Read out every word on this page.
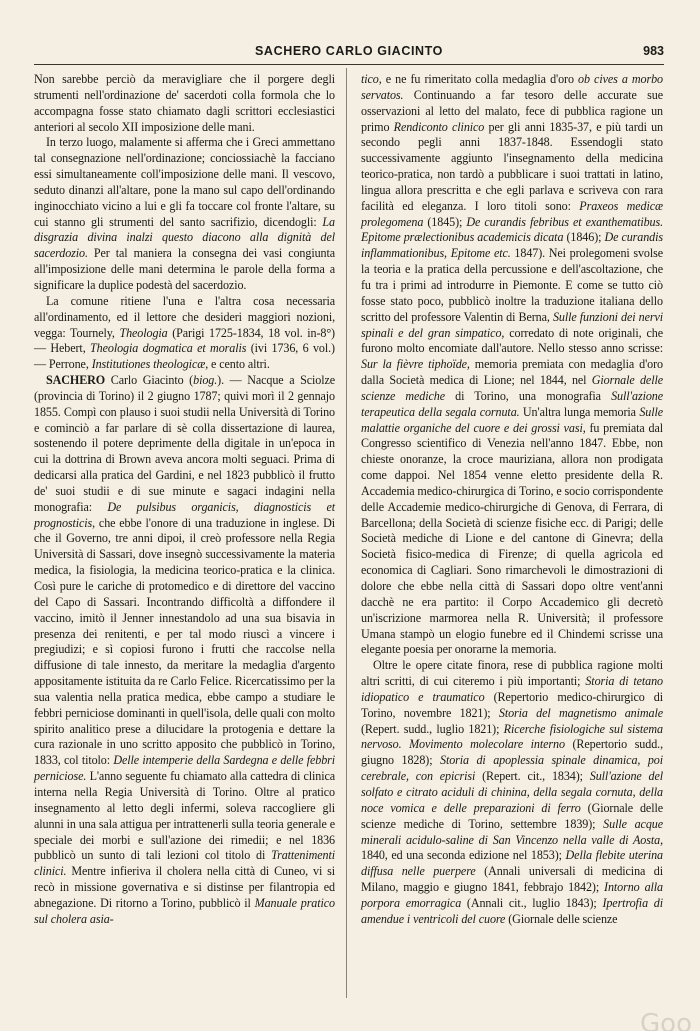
SACHERO CARLO GIACINTO	983

Non sarebbe perciò da meravigliare che il porgere degli strumenti nell'ordinazione de' sacerdoti colla formola che lo accompagna fosse stato chiamato dagli scrittori ecclesiastici anteriori al secolo XII imposizione delle mani.

In terzo luogo, malamente si afferma che i Greci ammettano tal consegnazione nell'ordinazione; conciossiachè la facciano essi simultaneamente coll'imposizione delle mani. Il vescovo, seduto dinanzi all'altare, pone la mano sul capo dell'ordinando inginocchiato vicino a lui e gli fa toccare col fronte l'altare, su cui stanno gli strumenti del santo sacrifizio, dicendogli: La disgrazia divina inalzi questo diacono alla dignità del sacerdozio. Per tal maniera la consegna dei vasi congiunta all'imposizione delle mani determina le parole della forma a significare la duplice podestà del sacerdozio.

La comune ritiene l'una e l'altra cosa necessaria all'ordinamento, ed il lettore che desideri maggiori nozioni, vegga: Tournely, Theologia (Parigi 1725-1834, 18 vol. in-8°) — Hebert, Theologia dogmatica et moralis (ivi 1736, 6 vol.) — Perrone, Institutiones theologicæ, e cento altri.

SACHERO Carlo Giacinto (biog.). — Nacque a Sciolze (provincia di Torino) il 2 giugno 1787; quivi morì il 2 gennajo 1855. Compì con plauso i suoi studii nella Università di Torino e cominciò a far parlare di sè colla dissertazione di laurea, sostenendo il potere deprimente della digitale in un'epoca in cui la dottrina di Brown aveva ancora molti seguaci. Prima di dedicarsi alla pratica del Gardini, e nel 1823 pubblicò il frutto de' suoi studii e di sue minute e sagaci indagini nella monografia: De pulsibus organicis, diagnosticis et prognosticis, che ebbe l'onore di una traduzione in inglese. Di che il Governo, tre anni dipoi, il creò professore nella Regia Università di Sassari, dove insegnò successivamente la materia medica, la fisiologia, la medicina teorico-pratica e la clinica. Così pure le cariche di protomedico e di direttore del vaccino del Capo di Sassari. Incontrando difficoltà a diffondere il vaccino, imitò il Jenner innestandolo ad una sua bisavia in presenza dei renitenti, e per tal modo riuscì a vincere i pregiudizi; e sì copiosi furono i frutti che raccolse nella diffusione di tale innesto, da meritare la medaglia d'argento appositamente istituita da re Carlo Felice. Ricercatissimo per la sua valentia nella pratica medica, ebbe campo a studiare le febbri perniciose dominanti in quell'isola, delle quali con molto spirito analitico prese a dilucidare la protogenia e dettare la cura razionale in uno scritto apposito che pubblicò in Torino, 1833, col titolo: Delle intemperie della Sardegna e delle febbri perniciose. L'anno seguente fu chiamato alla cattedra di clinica interna nella Regia Università di Torino. Oltre al pratico insegnamento al letto degli infermi, soleva raccogliere gli alunni in una sala attigua per intrattenerli sulla teoria generale e speciale dei morbi e sull'azione dei rimedii; e nel 1836 pubblicò un sunto di tali lezioni col titolo di Trattenimenti clinici. Mentre infieriva il cholera nella città di Cuneo, vi si recò in missione governativa e si distinse per filantropia ed abnegazione. Di ritorno a Torino, pubblicò il Manuale pratico sul cholera asia-

tico, e ne fu rimeritato colla medaglia d'oro ob cives a morbo servatos. Continuando a far tesoro delle accurate sue osservazioni al letto del malato, fece di pubblica ragione un primo Rendiconto clinico per gli anni 1835-37, e più tardi un secondo pegli anni 1837-1848. Essendogli stato successivamente aggiunto l'insegnamento della medicina teorico-pratica, non tardò a pubblicare i suoi trattati in latino, lingua allora prescritta e che egli parlava e scriveva con rara facilità ed eleganza. I loro titoli sono: Praxeos medicæ prolegomena (1845); De curandis febribus et exanthematibus. Epitome prælectionibus academicis dicata (1846); De curandis inflammationibus, Epitome etc. 1847). Nei prolegomeni svolse la teoria e la pratica della percussione e dell'ascoltazione, che fu tra i primi ad introdurre in Piemonte. E come se tutto ciò fosse stato poco, pubblicò inoltre la traduzione italiana dello scritto del professore Valentin di Berna, Sulle funzioni dei nervi spinali e del gran simpatico, corredato di note originali, che furono molto encomiate dall'autore. Nello stesso anno scrisse: Sur la fièvre tiphoïde, memoria premiata con medaglia d'oro dalla Società medica di Lione; nel 1844, nel Giornale delle scienze mediche di Torino, una monografia Sull'azione terapeutica della segala cornuta. Un'altra lunga memoria Sulle malattie organiche del cuore e dei grossi vasi, fu premiata dal Congresso scientifico di Venezia nell'anno 1847. Ebbe, non chieste onoranze, la croce mauriziana, allora non prodigata come dappoi. Nel 1854 venne eletto presidente della R. Accademia medico-chirurgica di Torino, e socio corrispondente delle Accademie medico-chirurgiche di Genova, di Ferrara, di Barcellona; della Società di scienze fisiche ecc. di Parigi; delle Società mediche di Lione e del cantone di Ginevra; della Società fisico-medica di Firenze; di quella agricola ed economica di Cagliari. Sono rimarchevoli le dimostrazioni di dolore che ebbe nella città di Sassari dopo oltre vent'anni dacchè ne era partito: il Corpo Accademico gli decretò un'iscrizione marmorea nella R. Università; il professore Umana stampò un elogio funebre ed il Chindemi scrisse una elegante poesia per onorarne la memoria.

Oltre le opere citate finora, rese di pubblica ragione molti altri scritti, di cui citeremo i più importanti; Storia di tetano idiopatico e traumatico (Repertorio medico-chirurgico di Torino, novembre 1821); Storia del magnetismo animale (Repert. sudd., luglio 1821); Ricerche fisiologiche sul sistema nervoso. Movimento molecolare interno (Repertorio sudd., giugno 1828); Storia di apoplessia spinale dinamica, poi cerebrale, con epicrisi (Repert. cit., 1834); Sull'azione del solfato e citrato aciduli di chinina, della segala cornuta, della noce vomica e delle preparazioni di ferro (Giornale delle scienze mediche di Torino, settembre 1839); Sulle acque minerali acidulo-saline di San Vincenzo nella valle di Aosta, 1840, ed una seconda edizione nel 1853); Della flebite uterina diffusa nelle puerpere (Annali universali di medicina di Milano, maggio e giugno 1841, febbrajo 1842); Intorno alla porpora emorragica (Annali cit., luglio 1843); Ipertrofia di amendue i ventricoli del cuore (Giornale delle scienze

Goo
